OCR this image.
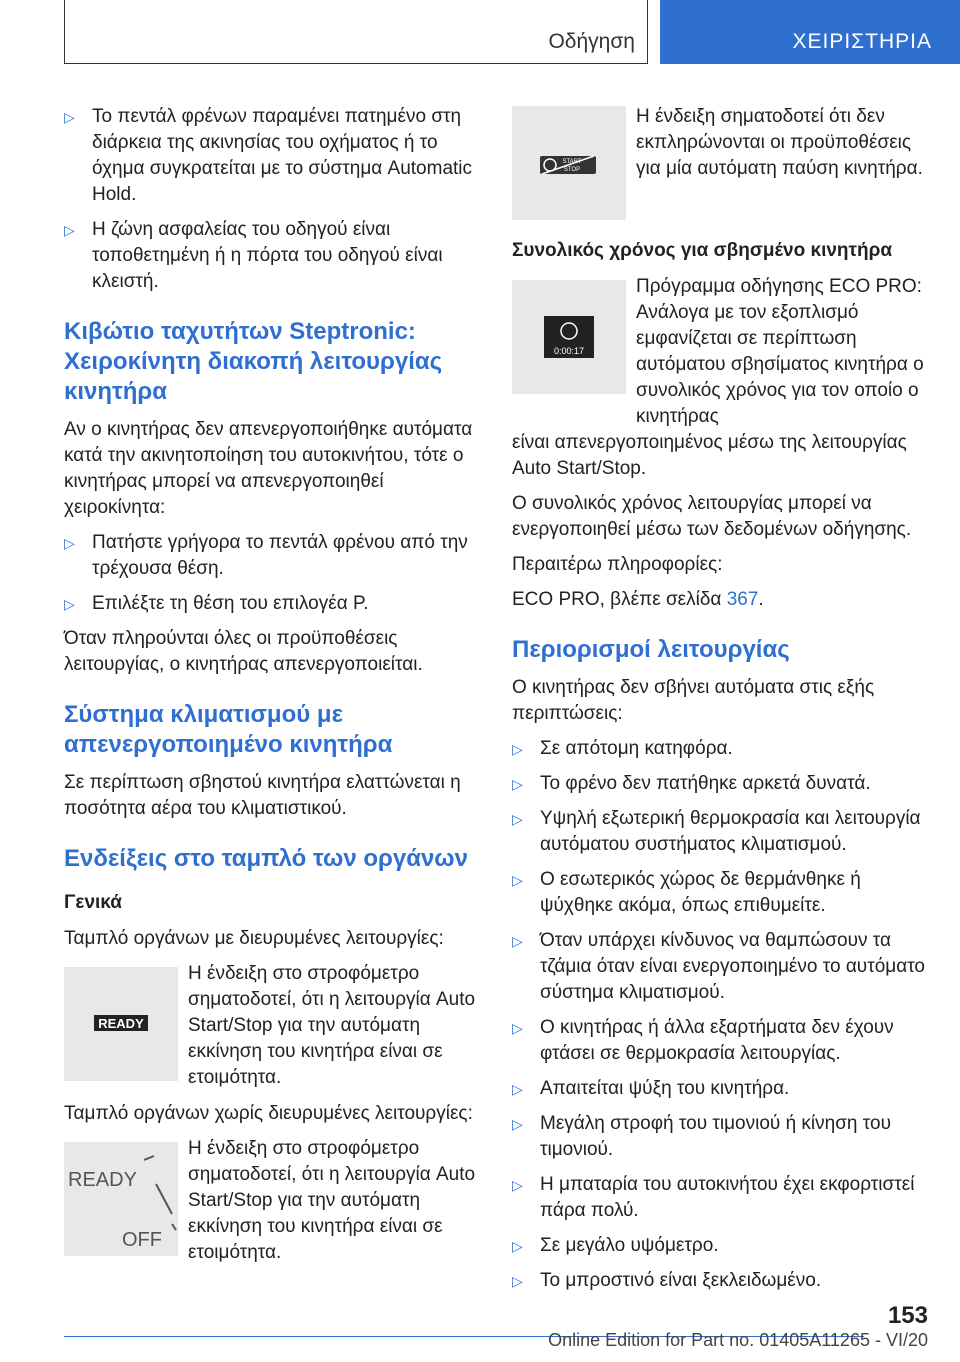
Οδήγηση	ΧΕΙΡΙΣΤΗΡΙΑ
▷ Το πεντάλ φρένων παραμένει πατημένο στη διάρκεια της ακινησίας του οχήματος ή το όχημα συγκρατείται με το σύστημα Automatic Hold.
▷ Η ζώνη ασφαλείας του οδηγού είναι τοποθετημένη ή η πόρτα του οδηγού είναι κλειστή.
Κιβώτιο ταχυτήτων Steptronic: Χειροκίνητη διακοπή λειτουργίας κινητήρα

Αν ο κινητήρας δεν απενεργοποιήθηκε αυτόματα κατά την ακινητοποίηση του αυτοκινήτου, τότε ο κινητήρας μπορεί να απενεργοποιηθεί χειροκίνητα:

▷ Πατήστε γρήγορα το πεντάλ φρένου από την τρέχουσα θέση.
▷ Επιλέξτε τη θέση του επιλογέα P.

Όταν πληρούνται όλες οι προϋποθέσεις λειτουργίας, ο κινητήρας απενεργοποιείται.

Σύστημα κλιματισμού με απενεργοποιημένο κινητήρα

Σε περίπτωση σβηστού κινητήρα ελαττώνεται η ποσότητα αέρα του κλιματιστικού.

Ενδείξεις στο ταμπλό των οργάνων
Γενικά

Ταμπλό οργάνων με διευρυμένες λειτουργίες:

READY
Η ένδειξη στο στροφόμετρο σηματοδοτεί, ότι η λειτουργία Auto Start/Stop για την αυτόματη εκκίνηση του κινητήρα είναι σε ετοιμότητα.

Ταμπλό οργάνων χωρίς διευρυμένες λειτουργίες:

READY
OFF
Η ένδειξη στο στροφόμετρο σηματοδοτεί, ότι η λειτουργία Auto Start/Stop για την αυτόματη εκκίνηση του κινητήρα είναι σε ετοιμότητα.
START
STOP
Η ένδειξη σηματοδοτεί ότι δεν εκπληρώνονται οι προϋποθέσεις για μία αυτόματη παύση κινητήρα.
Συνολικός χρόνος για σβησμένο κινητήρα
0:00:17
Πρόγραμμα οδήγησης ECO PRO: Ανάλογα με τον εξοπλισμό εμφανίζεται σε περίπτωση αυτόματου σβησίματος κινητήρα ο συνολικός χρόνος για τον οποίο ο κινητήρας

είναι απενεργοποιημένος μέσω της λειτουργίας Auto Start/Stop.

Ο συνολικός χρόνος λειτουργίας μπορεί να ενεργοποιηθεί μέσω των δεδομένων οδήγησης.

Περαιτέρω πληροφορίες:

ECO PRO, βλέπε σελίδα 367.

Περιορισμοί λειτουργίας

Ο κινητήρας δεν σβήνει αυτόματα στις εξής περιπτώσεις:

▷ Σε απότομη κατηφόρα.
▷ Το φρένο δεν πατήθηκε αρκετά δυνατά.
▷ Υψηλή εξωτερική θερμοκρασία και λειτουργία αυτόματου συστήματος κλιματισμού.
▷ Ο εσωτερικός χώρος δε θερμάνθηκε ή ψύχθηκε ακόμα, όπως επιθυμείτε.
▷ Όταν υπάρχει κίνδυνος να θαμπώσουν τα τζάμια όταν είναι ενεργοποιημένο το αυτόματο σύστημα κλιματισμού.
▷ Ο κινητήρας ή άλλα εξαρτήματα δεν έχουν φτάσει σε θερμοκρασία λειτουργίας.
▷ Απαιτείται ψύξη του κινητήρα.
▷ Μεγάλη στροφή του τιμονιού ή κίνηση του τιμονιού.
▷ Η μπαταρία του αυτοκινήτου έχει εκφορτιστεί πάρα πολύ.
▷ Σε μεγάλο υψόμετρο.
▷ Το μπροστινό είναι ξεκλειδωμένο.
153
Online Edition for Part no. 01405A11265 - VI/20
